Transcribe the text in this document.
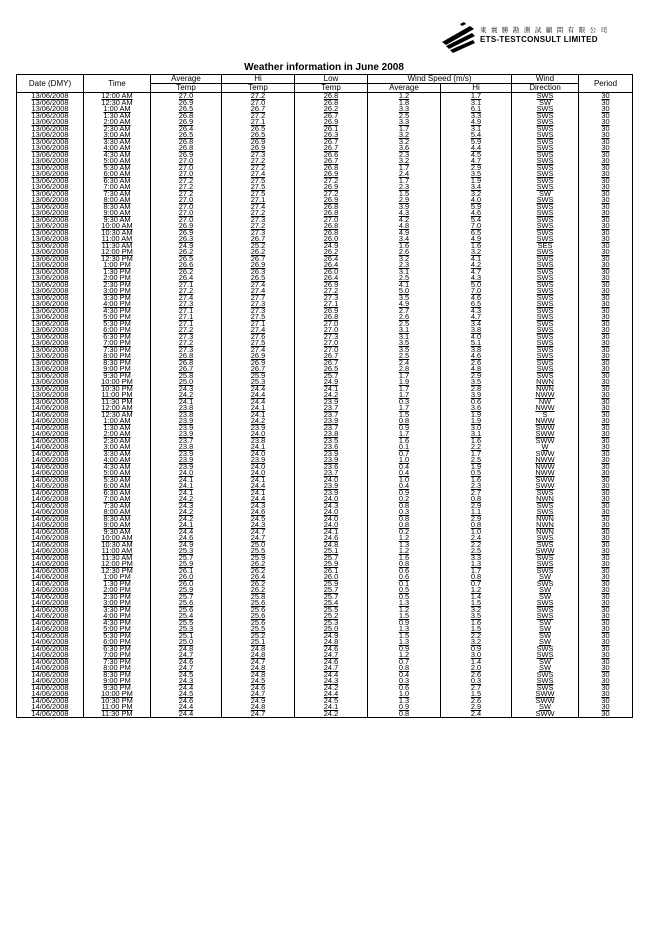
東 寰 勝 勘 測 試 顧 問 有 限 公 司
ETS-TESTCONSULT LIMITED
Weather information in June 2008
Date (DMY)	Time	Average	Hi	Low	Wind Speed (m/s)		Wind	Period
		Temp	Temp	Temp	Average	Hi	Direction	
13/06/2008	12:00 AM	27.0	27.2	26.8	1.2	1.7	SWS	30
13/06/2008	12:30 AM	26.9	27.0	26.8	1.8	3.1	SW	30
13/06/2008	1:00 AM	26.5	26.7	26.2	3.3	6.1	SWS	30
13/06/2008	1:30 AM	26.8	27.2	26.7	2.5	3.3	SWS	30
13/06/2008	2:00 AM	26.9	27.1	26.9	3.3	4.9	SWS	30
13/06/2008	2:30 AM	26.4	26.5	26.1	1.7	3.1	SWS	30
13/06/2008	3:00 AM	26.5	26.5	26.3	3.2	5.4	SWS	30
13/06/2008	3:30 AM	26.8	26.9	26.7	3.2	5.9	SWS	30
13/06/2008	4:00 AM	26.8	26.9	26.7	3.6	4.4	SWS	30
13/06/2008	4:30 AM	26.9	27.3	26.6	2.3	4.5	SWS	30
13/06/2008	5:00 AM	27.0	27.2	26.7	3.2	4.7	SWS	30
13/06/2008	5:30 AM	27.0	27.2	26.8	1.7	2.9	SWS	30
13/06/2008	6:00 AM	27.0	27.4	26.9	2.4	3.5	SWS	30
13/06/2008	6:30 AM	27.2	27.5	27.2	1.7	1.9	SWS	30
13/06/2008	7:00 AM	27.2	27.5	26.9	2.3	3.4	SWS	30
13/06/2008	7:30 AM	27.2	27.5	27.2	1.5	3.2	SW	30
13/06/2008	8:00 AM	27.0	27.1	26.9	2.9	4.0	SWS	30
13/06/2008	8:30 AM	27.0	27.4	26.8	3.9	5.9	SWS	30
13/06/2008	9:00 AM	27.0	27.2	26.8	4.3	4.6	SWS	30
13/06/2008	9:30 AM	27.0	27.3	27.0	4.2	5.4	SWS	30
13/06/2008	10:00 AM	26.9	27.2	26.8	4.8	7.0	SWS	30
13/06/2008	10:30 AM	26.9	27.3	26.8	4.9	6.5	SWS	30
13/06/2008	11:00 AM	26.3	26.7	26.0	3.4	4.9	SWS	30
13/06/2008	11:30 AM	24.9	25.2	24.9	1.6	1.6	SES	30
13/06/2008	12:00 PM	26.2	26.2	26.2	2.6	3.2	SWS	30
13/06/2008	12:30 PM	26.5	26.7	26.4	3.2	4.1	SWS	30
13/06/2008	1:00 PM	26.6	26.9	26.4	2.3	4.2	SWS	30
13/06/2008	1:30 PM	26.2	26.3	26.0	3.1	4.7	SWS	30
13/06/2008	2:00 PM	26.4	26.5	26.4	2.5	4.3	SWS	30
13/06/2008	2:30 PM	27.1	27.4	26.9	4.1	5.0	SWS	30
13/06/2008	3:00 PM	27.2	27.4	27.2	5.0	7.0	SWS	30
13/06/2008	3:30 PM	27.4	27.7	27.3	3.5	4.6	SWS	30
13/06/2008	4:00 PM	27.3	27.3	27.1	4.9	6.5	SWS	30
13/06/2008	4:30 PM	27.1	27.3	26.9	2.7	4.3	SWS	30
13/06/2008	5:00 PM	27.1	27.5	26.8	2.6	4.7	SWS	30
13/06/2008	5:30 PM	27.1	27.1	27.0	2.5	3.4	SWS	30
13/06/2008	6:00 PM	27.2	27.4	27.0	3.1	3.8	SWS	30
13/06/2008	6:30 PM	27.3	27.6	27.3	3.1	4.0	SWS	30
13/06/2008	7:00 PM	27.2	27.5	27.0	3.5	5.1	SWS	30
13/06/2008	7:30 PM	27.3	27.4	27.0	3.5	3.8	SWS	30
13/06/2008	8:00 PM	26.8	26.9	26.7	2.5	4.6	SWS	30
13/06/2008	8:30 PM	26.8	26.9	26.7	2.4	2.6	SWS	30
13/06/2008	9:00 PM	26.7	26.7	26.5	2.8	4.8	SWS	30
13/06/2008	9:30 PM	25.8	25.9	25.7	1.7	2.9	SWS	30
13/06/2008	10:00 PM	25.0	25.3	24.9	1.9	3.5	NWN	30
13/06/2008	10:30 PM	24.3	24.4	24.1	1.7	2.8	NWN	30
13/06/2008	11:00 PM	24.2	24.4	24.2	1.7	3.9	NWW	30
13/06/2008	11:30 PM	24.1	24.4	23.9	0.3	0.6	NW	30
14/06/2008	12:00 AM	23.8	24.1	23.7	1.7	3.6	NWW	30
14/06/2008	12:30 AM	23.8	24.1	23.7	1.5	1.9	S	30
14/06/2008	1:00 AM	23.9	24.2	23.9	0.8	1.9	NWW	30
14/06/2008	1:30 AM	23.9	23.9	23.7	0.9	3.0	SWW	30
14/06/2008	2:00 AM	23.9	24.0	23.8	1.7	3.1	SWW	30
14/06/2008	2:30 AM	23.7	23.8	23.5	1.6	1.6	SWW	30
14/06/2008	3:00 AM	23.8	24.1	23.6	0.1	2.2	W	30
14/06/2008	3:30 AM	23.9	24.0	23.9	0.7	1.7	SWW	30
14/06/2008	4:00 AM	23.9	23.9	23.9	1.0	2.5	NWW	30
14/06/2008	4:30 AM	23.9	24.0	23.6	0.4	1.9	NWW	30
14/06/2008	5:00 AM	24.0	24.0	23.7	0.4	0.5	NWW	30
14/06/2008	5:30 AM	24.1	24.1	24.0	1.0	1.6	SWW	30
14/06/2008	6:00 AM	24.1	24.4	23.9	0.4	2.3	SWW	30
14/06/2008	6:30 AM	24.1	24.1	23.9	0.9	2.7	SWS	30
14/06/2008	7:00 AM	24.2	24.4	24.0	0.2	0.8	NWN	30
14/06/2008	7:30 AM	24.3	24.3	24.3	0.8	2.9	SWS	30
14/06/2008	8:00 AM	24.2	24.6	24.0	0.3	1.1	SWS	30
14/06/2008	8:30 AM	24.2	24.5	24.0	0.8	2.9	NWN	30
14/06/2008	9:00 AM	24.1	24.3	24.0	0.8	0.8	NWN	30
14/06/2008	9:30 AM	24.4	24.7	24.1	0.2	1.0	NWN	30
14/06/2008	10:00 AM	24.6	24.7	24.6	1.2	2.4	SWS	30
14/06/2008	10:30 AM	24.9	25.0	24.8	1.3	2.2	SWS	30
14/06/2008	11:00 AM	25.3	25.5	25.1	1.2	2.5	SWW	30
14/06/2008	11:30 AM	25.7	25.9	25.7	1.6	3.3	SWS	30
14/06/2008	12:00 PM	25.9	26.2	25.9	0.8	1.3	SWS	30
14/06/2008	12:30 PM	26.1	26.2	26.1	0.6	1.7	SWS	30
14/06/2008	1:00 PM	26.0	26.4	26.0	0.6	0.8	SW	30
14/06/2008	1:30 PM	26.0	26.2	25.9	0.1	0.7	SWS	30
14/06/2008	2:00 PM	25.9	26.2	25.7	0.5	1.2	SW	30
14/06/2008	2:30 PM	25.7	25.8	25.7	0.5	1.4	SW	30
14/06/2008	3:00 PM	25.6	25.6	25.4	1.3	1.5	SWS	30
14/06/2008	3:30 PM	25.6	25.6	25.5	1.2	3.2	SWS	30
14/06/2008	4:00 PM	25.4	25.6	25.2	1.5	3.5	SWS	30
14/06/2008	4:30 PM	25.5	25.6	25.3	0.9	1.6	SW	30
14/06/2008	5:00 PM	25.3	25.5	25.0	1.3	1.5	SW	30
14/06/2008	5:30 PM	25.1	25.2	24.9	1.5	2.2	SW	30
14/06/2008	6:00 PM	25.0	25.1	24.8	1.3	3.2	SW	30
14/06/2008	6:30 PM	24.8	24.8	24.6	0.9	0.9	SWS	30
14/06/2008	7:00 PM	24.7	24.8	24.7	1.2	3.0	SWS	30
14/06/2008	7:30 PM	24.6	24.7	24.6	0.7	1.4	SW	30
14/06/2008	8:00 PM	24.7	24.8	24.7	0.8	2.0	SW	30
14/06/2008	8:30 PM	24.5	24.8	24.4	0.4	2.6	SWS	30
14/06/2008	9:00 PM	24.3	24.5	24.3	0.3	0.3	SWS	30
14/06/2008	9:30 PM	24.4	24.6	24.2	0.6	2.7	SWS	30
14/06/2008	10:00 PM	24.5	24.7	24.4	1.0	1.5	SWW	30
14/06/2008	10:30 PM	24.6	24.9	24.5	1.3	2.6	SWW	30
14/06/2008	11:00 PM	24.4	24.8	24.1	0.9	2.9	SW	30
14/06/2008	11:30 PM	24.4	24.7	24.2	0.8	2.4	SWW	30
